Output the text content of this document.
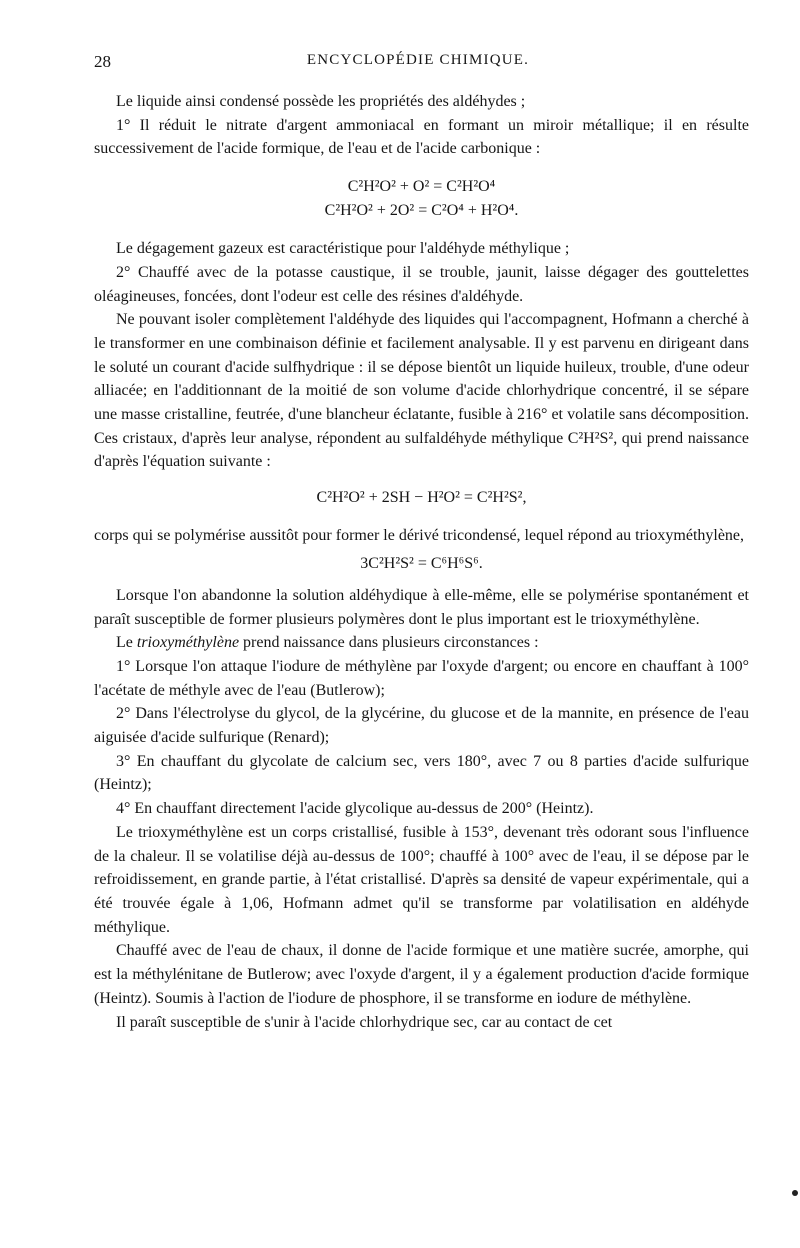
28	ENCYCLOPÉDIE CHIMIQUE.

Le liquide ainsi condensé possède les propriétés des aldéhydes ;

1° Il réduit le nitrate d'argent ammoniacal en formant un miroir métallique; il en résulte successivement de l'acide formique, de l'eau et de l'acide carbonique :

C²H²O² + O² = C²H²O⁴
C²H²O² + 2O² = C²O⁴ + H²O⁴.

Le dégagement gazeux est caractéristique pour l'aldéhyde méthylique ;

2° Chauffé avec de la potasse caustique, il se trouble, jaunit, laisse dégager des gouttelettes oléagineuses, foncées, dont l'odeur est celle des résines d'aldéhyde.

Ne pouvant isoler complètement l'aldéhyde des liquides qui l'accompagnent, Hofmann a cherché à le transformer en une combinaison définie et facilement analysable. Il y est parvenu en dirigeant dans le soluté un courant d'acide sulfhydrique : il se dépose bientôt un liquide huileux, trouble, d'une odeur alliacée; en l'additionnant de la moitié de son volume d'acide chlorhydrique concentré, il se sépare une masse cristalline, feutrée, d'une blancheur éclatante, fusible à 216° et volatile sans décomposition. Ces cristaux, d'après leur analyse, répondent au sulfaldéhyde méthylique C²H²S², qui prend naissance d'après l'équation suivante :

C²H²O² + 2SH − H²O² = C²H²S²,

corps qui se polymérise aussitôt pour former le dérivé tricondensé, lequel répond au trioxyméthylène,

3C²H²S² = C⁶H⁶S⁶.

Lorsque l'on abandonne la solution aldéhydique à elle-même, elle se polymérise spontanément et paraît susceptible de former plusieurs polymères dont le plus important est le trioxyméthylène.

Le trioxyméthylène prend naissance dans plusieurs circonstances :

1° Lorsque l'on attaque l'iodure de méthylène par l'oxyde d'argent; ou encore en chauffant à 100° l'acétate de méthyle avec de l'eau (Butlerow);

2° Dans l'électrolyse du glycol, de la glycérine, du glucose et de la mannite, en présence de l'eau aiguisée d'acide sulfurique (Renard);

3° En chauffant du glycolate de calcium sec, vers 180°, avec 7 ou 8 parties d'acide sulfurique (Heintz);

4° En chauffant directement l'acide glycolique au-dessus de 200° (Heintz).

Le trioxyméthylène est un corps cristallisé, fusible à 153°, devenant très odorant sous l'influence de la chaleur. Il se volatilise déjà au-dessus de 100°; chauffé à 100° avec de l'eau, il se dépose par le refroidissement, en grande partie, à l'état cristallisé. D'après sa densité de vapeur expérimentale, qui a été trouvée égale à 1,06, Hofmann admet qu'il se transforme par volatilisation en aldéhyde méthylique.

Chauffé avec de l'eau de chaux, il donne de l'acide formique et une matière sucrée, amorphe, qui est la méthylénitane de Butlerow; avec l'oxyde d'argent, il y a également production d'acide formique (Heintz). Soumis à l'action de l'iodure de phosphore, il se transforme en iodure de méthylène.

Il paraît susceptible de s'unir à l'acide chlorhydrique sec, car au contact de cet
